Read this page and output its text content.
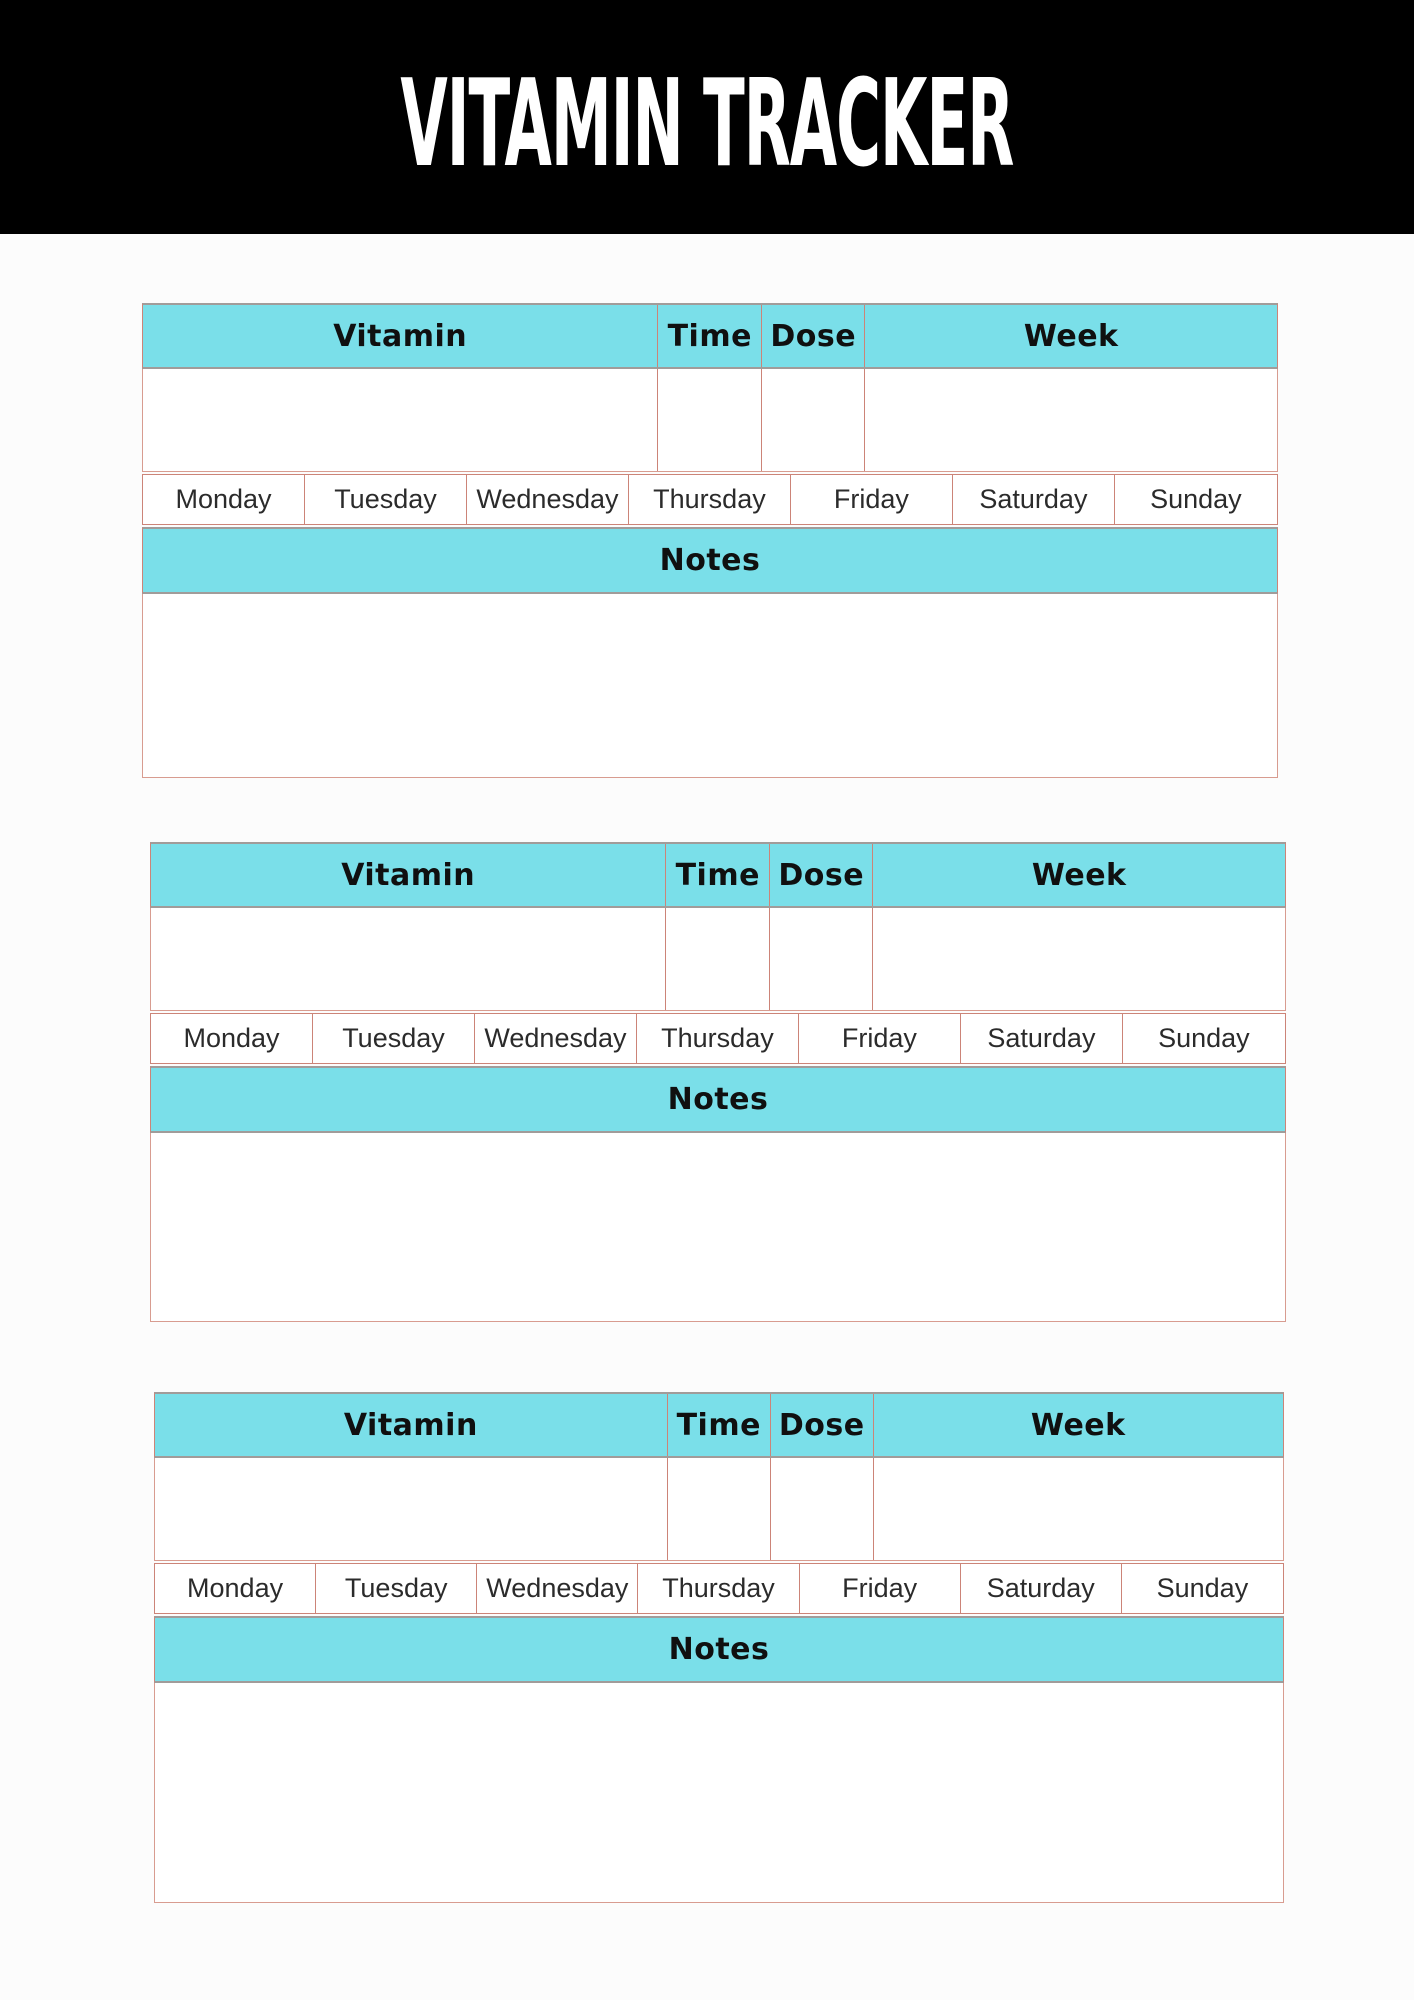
VITAMIN TRACKER
Vitamin	Time Dose	Week
Monday Tuesday Wednesday Thursday	Friday	Saturday Sunday
Notes
Vitamin	Time Dose	Week
Monday Tuesday Wednesday Thursday	Friday	Saturday Sunday
Notes
Vitamin	Time Dose	Week
Monday Tuesday Wednesday Thursday Friday	Saturday Sunday
Notes
